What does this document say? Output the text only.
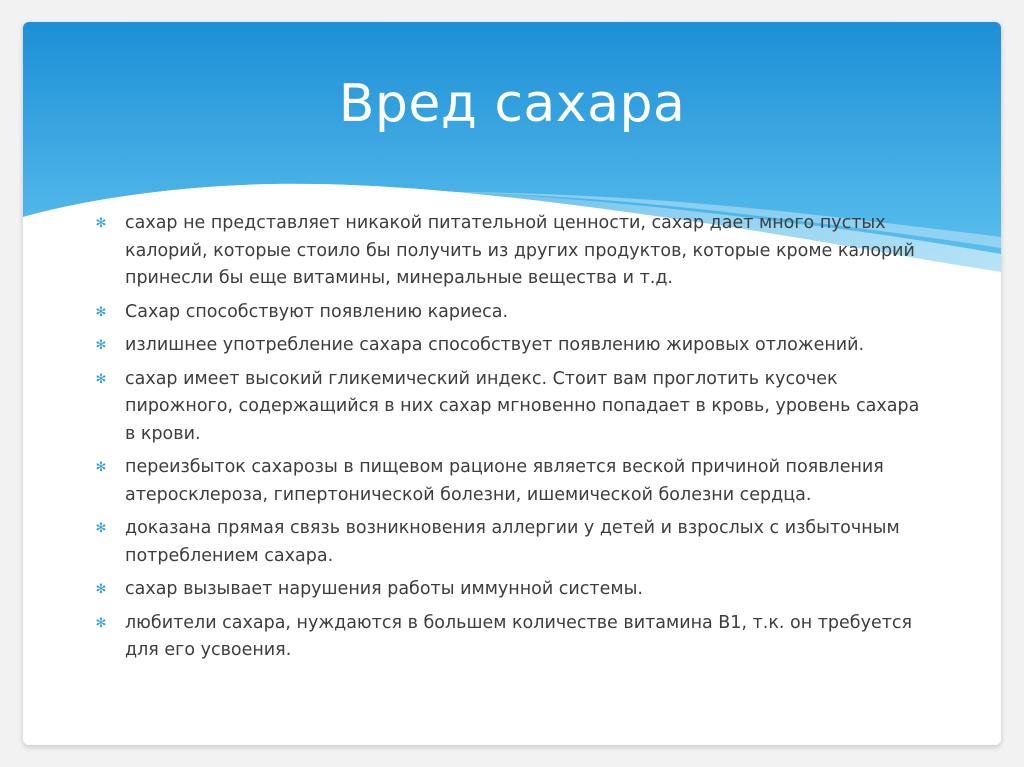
Вред сахара
✻ сахар не представляет никакой питательной ценности, сахар дает много пустых калорий, которые стоило бы получить из других продуктов, которые кроме калорий принесли бы еще витамины, минеральные вещества и т.д.
✻ Сахар способствуют появлению кариеса.
✻ излишнее употребление сахара способствует появлению жировых отложений.
✻ сахар имеет высокий гликемический индекс. Стоит вам проглотить кусочек пирожного, содержащийся в них сахар мгновенно попадает в кровь, уровень сахара в крови.
✻ переизбыток сахарозы в пищевом рационе является веской причиной появления атеросклероза, гипертонической болезни, ишемической болезни сердца.
✻ доказана прямая связь возникновения аллергии у детей и взрослых с избыточным потреблением сахара.
✻ сахар вызывает нарушения работы иммунной системы.
✻ любители сахара, нуждаются в большем количестве витамина В1, т.к. он требуется для его усвоения.
